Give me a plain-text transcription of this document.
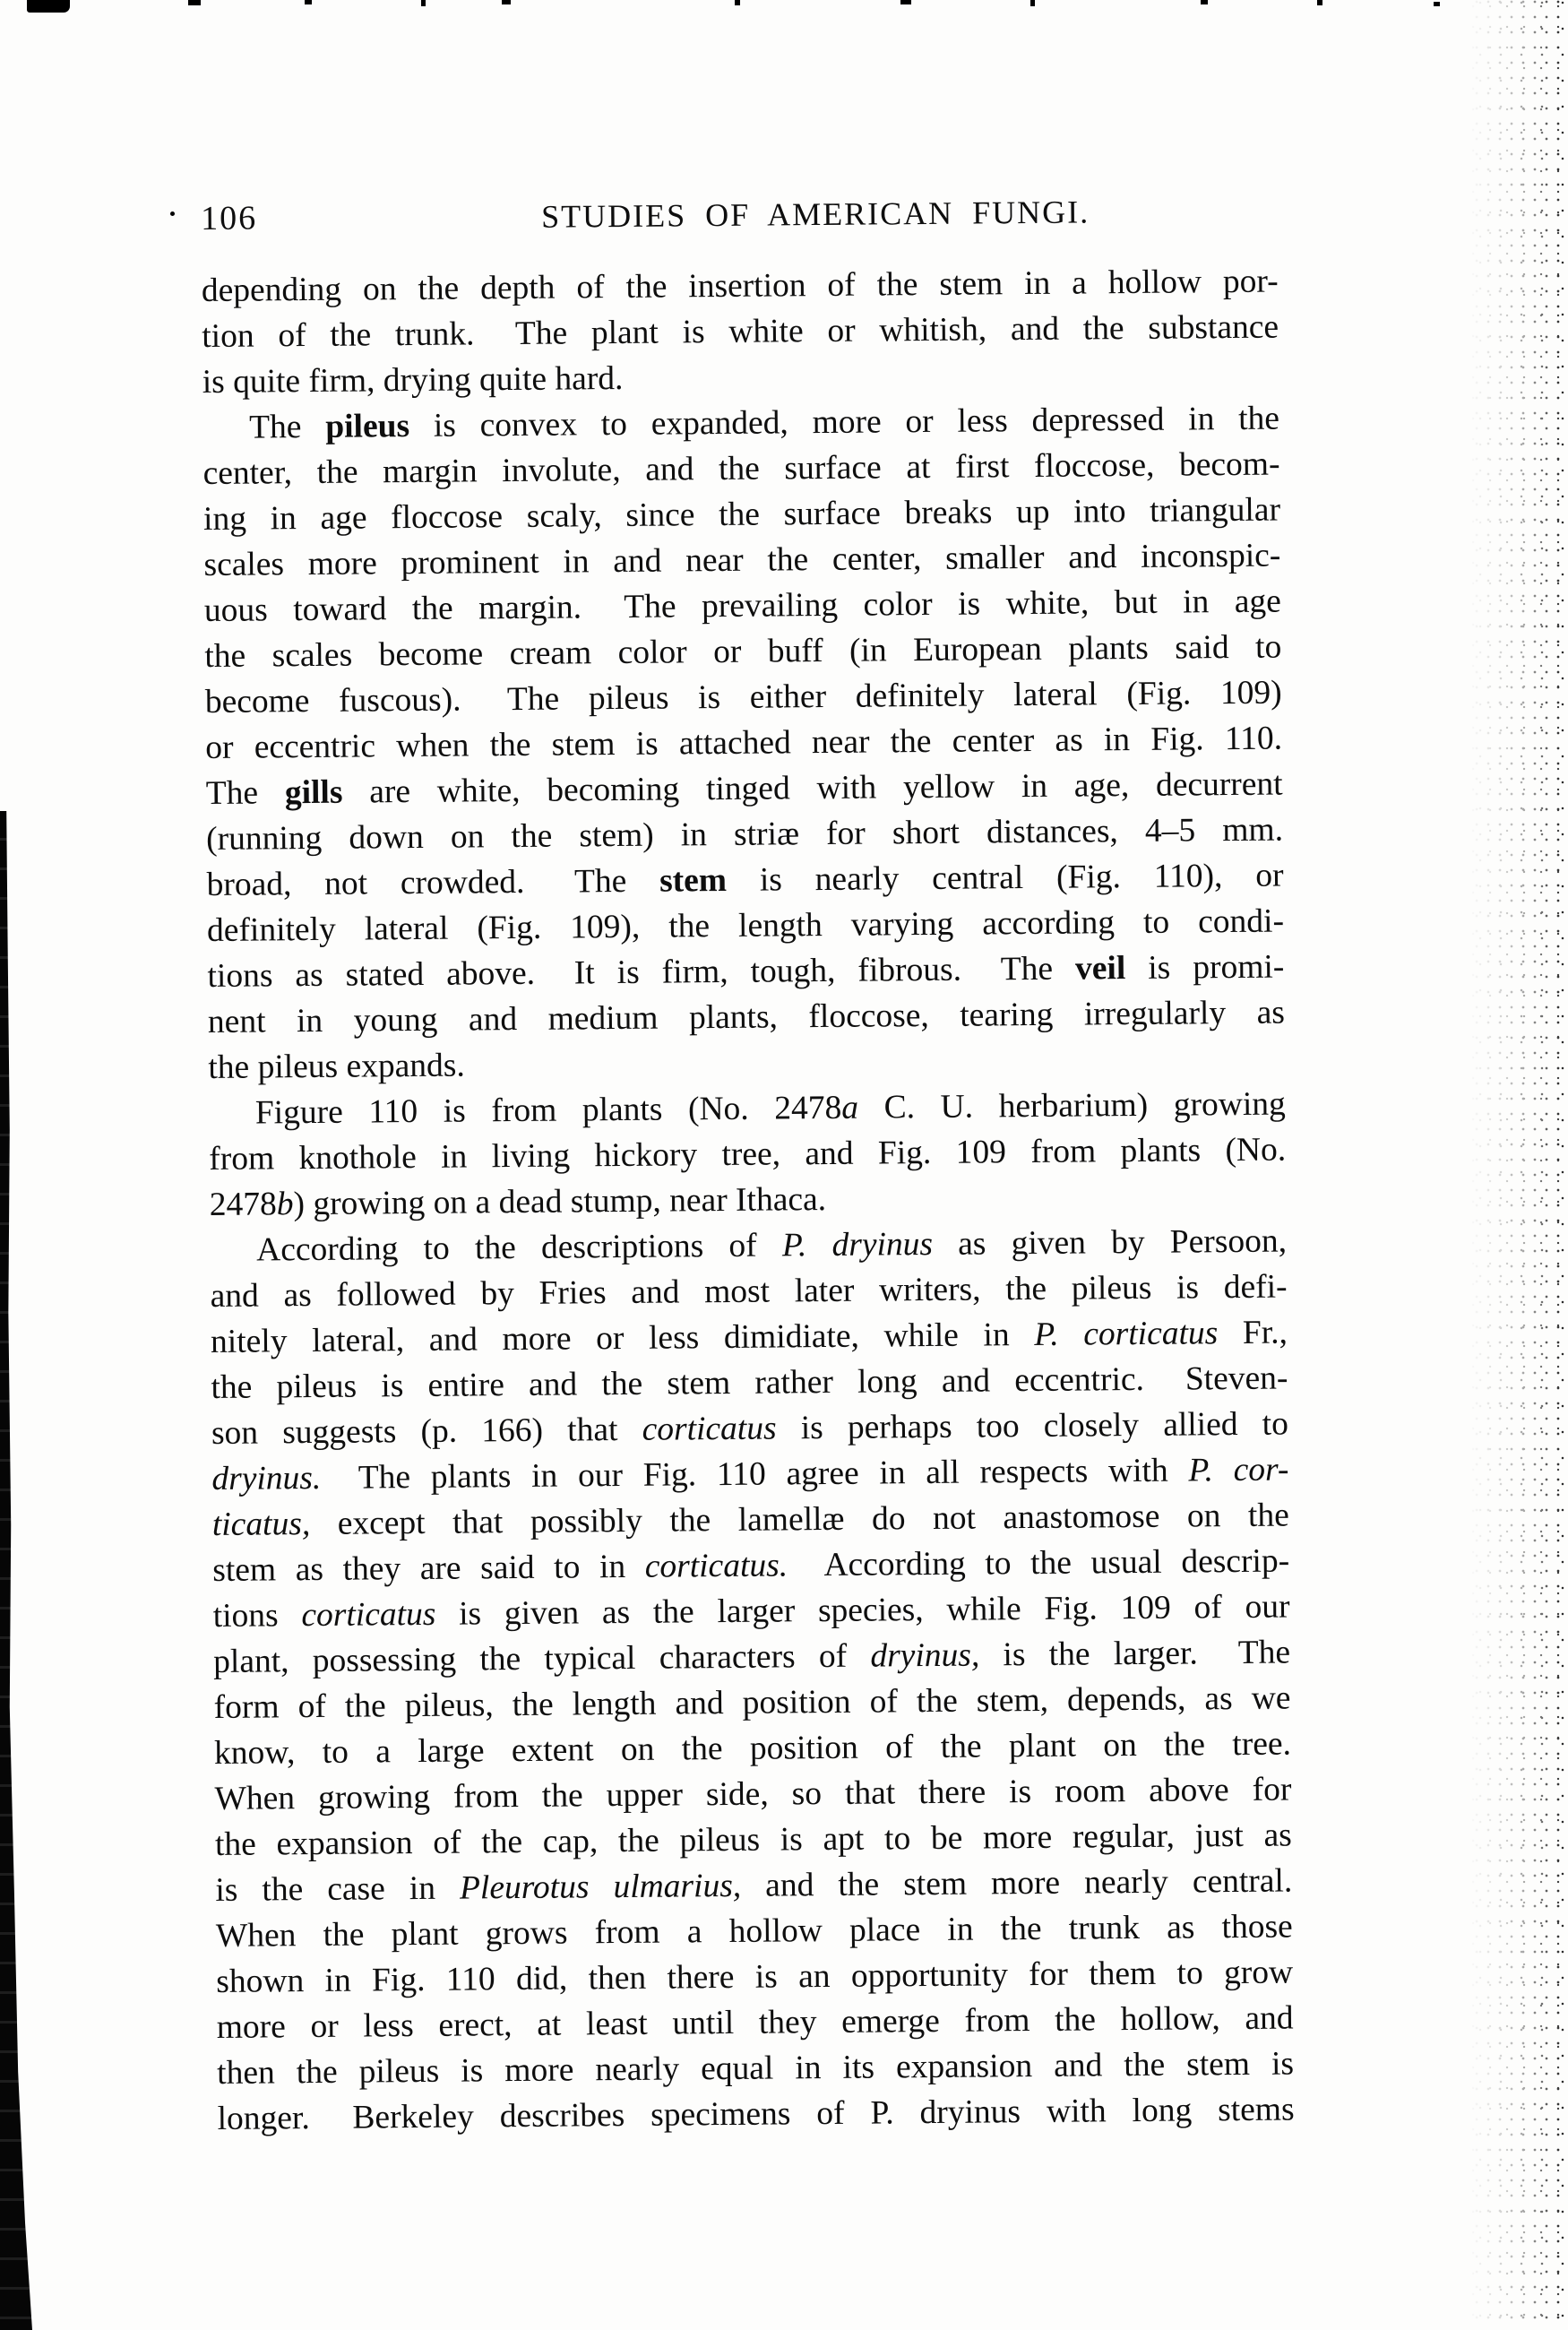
106	STUDIES OF AMERICAN FUNGI.
depending on the depth of the insertion of the stem in a hollow por-
tion of the trunk.  The plant is white or whitish, and the substance
is quite firm, drying quite hard.
The pileus is convex to expanded, more or less depressed in the
center, the margin involute, and the surface at first floccose, becom-
ing in age floccose scaly, since the surface breaks up into triangular
scales more prominent in and near the center, smaller and inconspic-
uous toward the margin.  The prevailing color is white, but in age
the scales become cream color or buff (in European plants said to
become fuscous).  The pileus is either definitely lateral (Fig. 109)
or eccentric when the stem is attached near the center as in Fig. 110.
The gills are white, becoming tinged with yellow in age, decurrent
(running down on the stem) in striæ for short distances, 4–5 mm.
broad, not crowded.  The stem is nearly central (Fig. 110), or
definitely lateral (Fig. 109), the length varying according to condi-
tions as stated above.  It is firm, tough, fibrous.  The veil is promi-
nent in young and medium plants, floccose, tearing irregularly as
the pileus expands.
Figure 110 is from plants (No. 2478a C. U. herbarium) growing
from knothole in living hickory tree, and Fig. 109 from plants (No.
2478b) growing on a dead stump, near Ithaca.
According to the descriptions of P. dryinus as given by Persoon,
and as followed by Fries and most later writers, the pileus is defi-
nitely lateral, and more or less dimidiate, while in P. corticatus Fr.,
the pileus is entire and the stem rather long and eccentric.  Steven-
son suggests (p. 166) that corticatus is perhaps too closely allied to
dryinus.  The plants in our Fig. 110 agree in all respects with P. cor-
ticatus, except that possibly the lamellæ do not anastomose on the
stem as they are said to in corticatus.  According to the usual descrip-
tions corticatus is given as the larger species, while Fig. 109 of our
plant, possessing the typical characters of dryinus, is the larger.  The
form of the pileus, the length and position of the stem, depends, as we
know, to a large extent on the position of the plant on the tree.
When growing from the upper side, so that there is room above for
the expansion of the cap, the pileus is apt to be more regular, just as
is the case in Pleurotus ulmarius, and the stem more nearly central.
When the plant grows from a hollow place in the trunk as those
shown in Fig. 110 did, then there is an opportunity for them to grow
more or less erect, at least until they emerge from the hollow, and
then the pileus is more nearly equal in its expansion and the stem is
longer.  Berkeley describes specimens of P. dryinus with long stems
